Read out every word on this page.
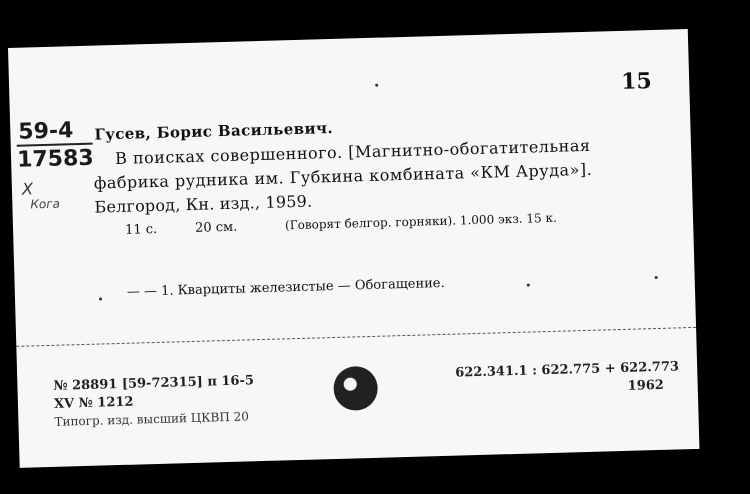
15
59-4
17583
Х
Кога
Гусев, Борис Васильевич.
В поисках совершенного. [Магнитно-обогатительная
фабрика рудника им. Губкина комбината «КМ Аруда»].
Белгород, Кн. изд., 1959.
11 с.	20 см.	(Говорят белгор. горняки). 1.000 экз. 15 к.
— — 1. Кварциты железистые — Обогащение.
№ 28891 [59-72315] п 16-5
ХV № 1212
Типогр. изд. высший ЦКВП 20
622.341.1 : 622.775 + 622.773
1962
